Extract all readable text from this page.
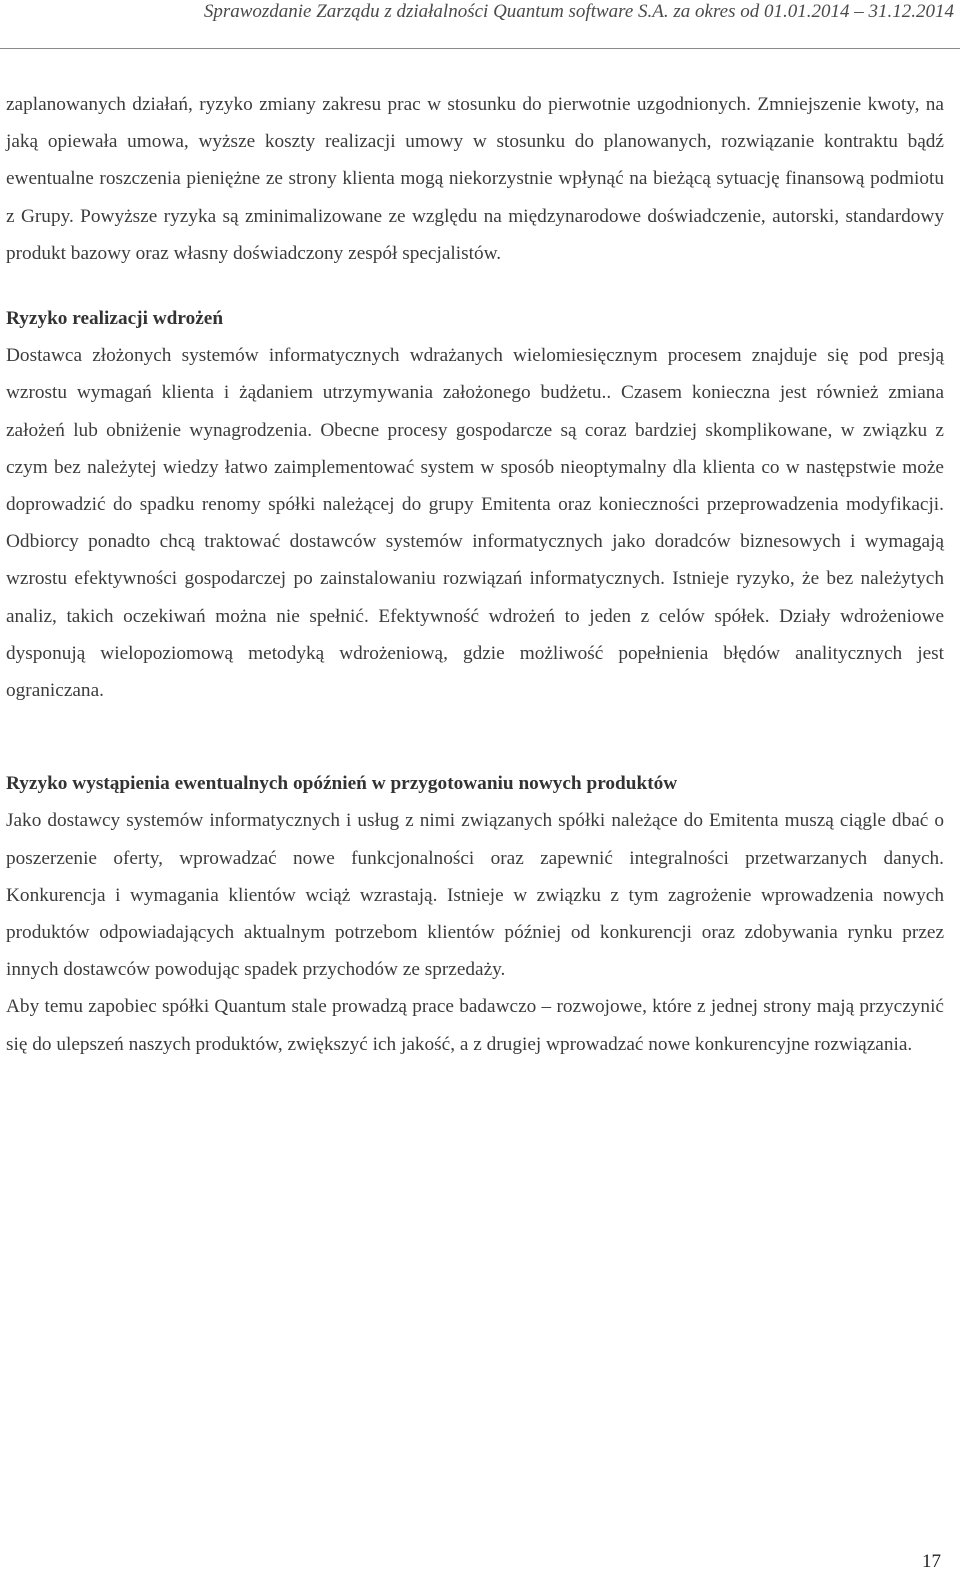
Sprawozdanie Zarządu z działalności Quantum software S.A. za okres od 01.01.2014 – 31.12.2014

zaplanowanych działań, ryzyko zmiany zakresu prac w stosunku do pierwotnie uzgodnionych. Zmniejszenie kwoty, na jaką opiewała umowa, wyższe koszty realizacji umowy w stosunku do planowanych, rozwiązanie kontraktu bądź ewentualne roszczenia pieniężne ze strony klienta mogą niekorzystnie wpłynąć na bieżącą sytuację finansową podmiotu z Grupy. Powyższe ryzyka są zminimalizowane ze względu na międzynarodowe doświadczenie, autorski, standardowy produkt bazowy oraz własny doświadczony zespół specjalistów.

Ryzyko realizacji wdrożeń

Dostawca złożonych systemów informatycznych wdrażanych wielomiesięcznym procesem znajduje się pod presją wzrostu wymagań klienta i żądaniem utrzymywania założonego budżetu.. Czasem konieczna jest również zmiana założeń lub obniżenie wynagrodzenia. Obecne procesy gospodarcze są coraz bardziej skomplikowane, w związku z czym bez należytej wiedzy łatwo zaimplementować system w sposób nieoptymalny dla klienta co w następstwie może doprowadzić do spadku renomy spółki należącej do grupy Emitenta oraz konieczności przeprowadzenia modyfikacji. Odbiorcy ponadto chcą traktować dostawców systemów informatycznych jako doradców biznesowych i wymagają wzrostu efektywności gospodarczej po zainstalowaniu rozwiązań informatycznych. Istnieje ryzyko, że bez należytych analiz, takich oczekiwań można nie spełnić. Efektywność wdrożeń to jeden z celów spółek. Działy wdrożeniowe dysponują wielopoziomową metodyką wdrożeniową, gdzie możliwość popełnienia błędów analitycznych jest ograniczana.

Ryzyko wystąpienia ewentualnych opóźnień w przygotowaniu nowych produktów

Jako dostawcy systemów informatycznych i usług z nimi związanych spółki należące do Emitenta muszą ciągle dbać o poszerzenie oferty, wprowadzać nowe funkcjonalności oraz zapewnić integralności przetwarzanych danych. Konkurencja i wymagania klientów wciąż wzrastają. Istnieje w związku z tym zagrożenie wprowadzenia nowych produktów odpowiadających aktualnym potrzebom klientów później od konkurencji oraz zdobywania rynku przez innych dostawców powodując spadek przychodów ze sprzedaży.

Aby temu zapobiec spółki Quantum stale prowadzą prace badawczo – rozwojowe, które z jednej strony mają przyczynić się do ulepszeń naszych produktów, zwiększyć ich jakość, a z drugiej wprowadzać nowe konkurencyjne rozwiązania.

17
